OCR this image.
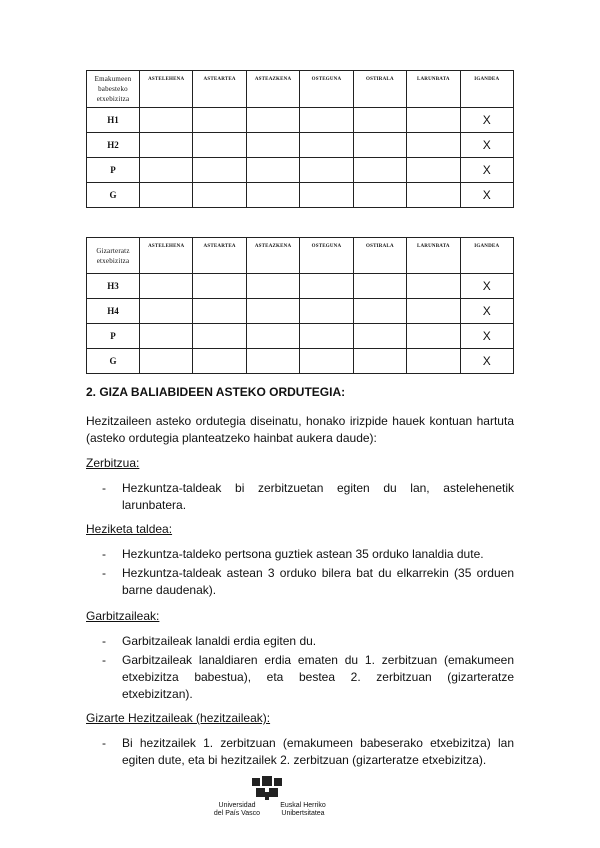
Emakumeen
babesteko
etxebizitza	ASTELEHENA	ASTEARTEA	ASTEAZKENA	OSTEGUNA	OSTIRALA	LARUNBATA	IGANDEA
H1							X
H2							X
P							X
G							X
Gizarteratz
etxebizitza	ASTELEHENA	ASTEARTEA	ASTEAZKENA	OSTEGUNA	OSTIRALA	LARUNBATA	IGANDEA
H3							X
H4							X
P							X
G							X
2. GIZA BALIABIDEEN ASTEKO ORDUTEGIA:
Hezitzaileen asteko ordutegia diseinatu, honako irizpide hauek kontuan hartuta (asteko ordutegia planteatzeko hainbat aukera daude):
Zerbitzua:
- Hezkuntza-taldeak bi zerbitzuetan egiten du lan, astelehenetik larunbatera.
Heziketa taldea:
- Hezkuntza-taldeko pertsona guztiek astean 35 orduko lanaldia dute.
- Hezkuntza-taldeak astean 3 orduko bilera bat du elkarrekin (35 orduen barne daudenak).
Garbitzaileak:
- Garbitzaileak lanaldi erdia egiten du.
- Garbitzaileak lanaldiaren erdia ematen du 1. zerbitzuan (emakumeen etxebizitza babestua), eta bestea 2. zerbitzuan (gizarteratze etxebizitzan).
Gizarte Hezitzaileak (hezitzaileak):
- Bi hezitzailek 1. zerbitzuan (emakumeen babeserako etxebizitza) lan egiten dute, eta bi hezitzailek 2. zerbitzuan (gizarteratze etxebizitza).
Universidad
del País Vasco
Euskal Herriko
Unibertsitatea
